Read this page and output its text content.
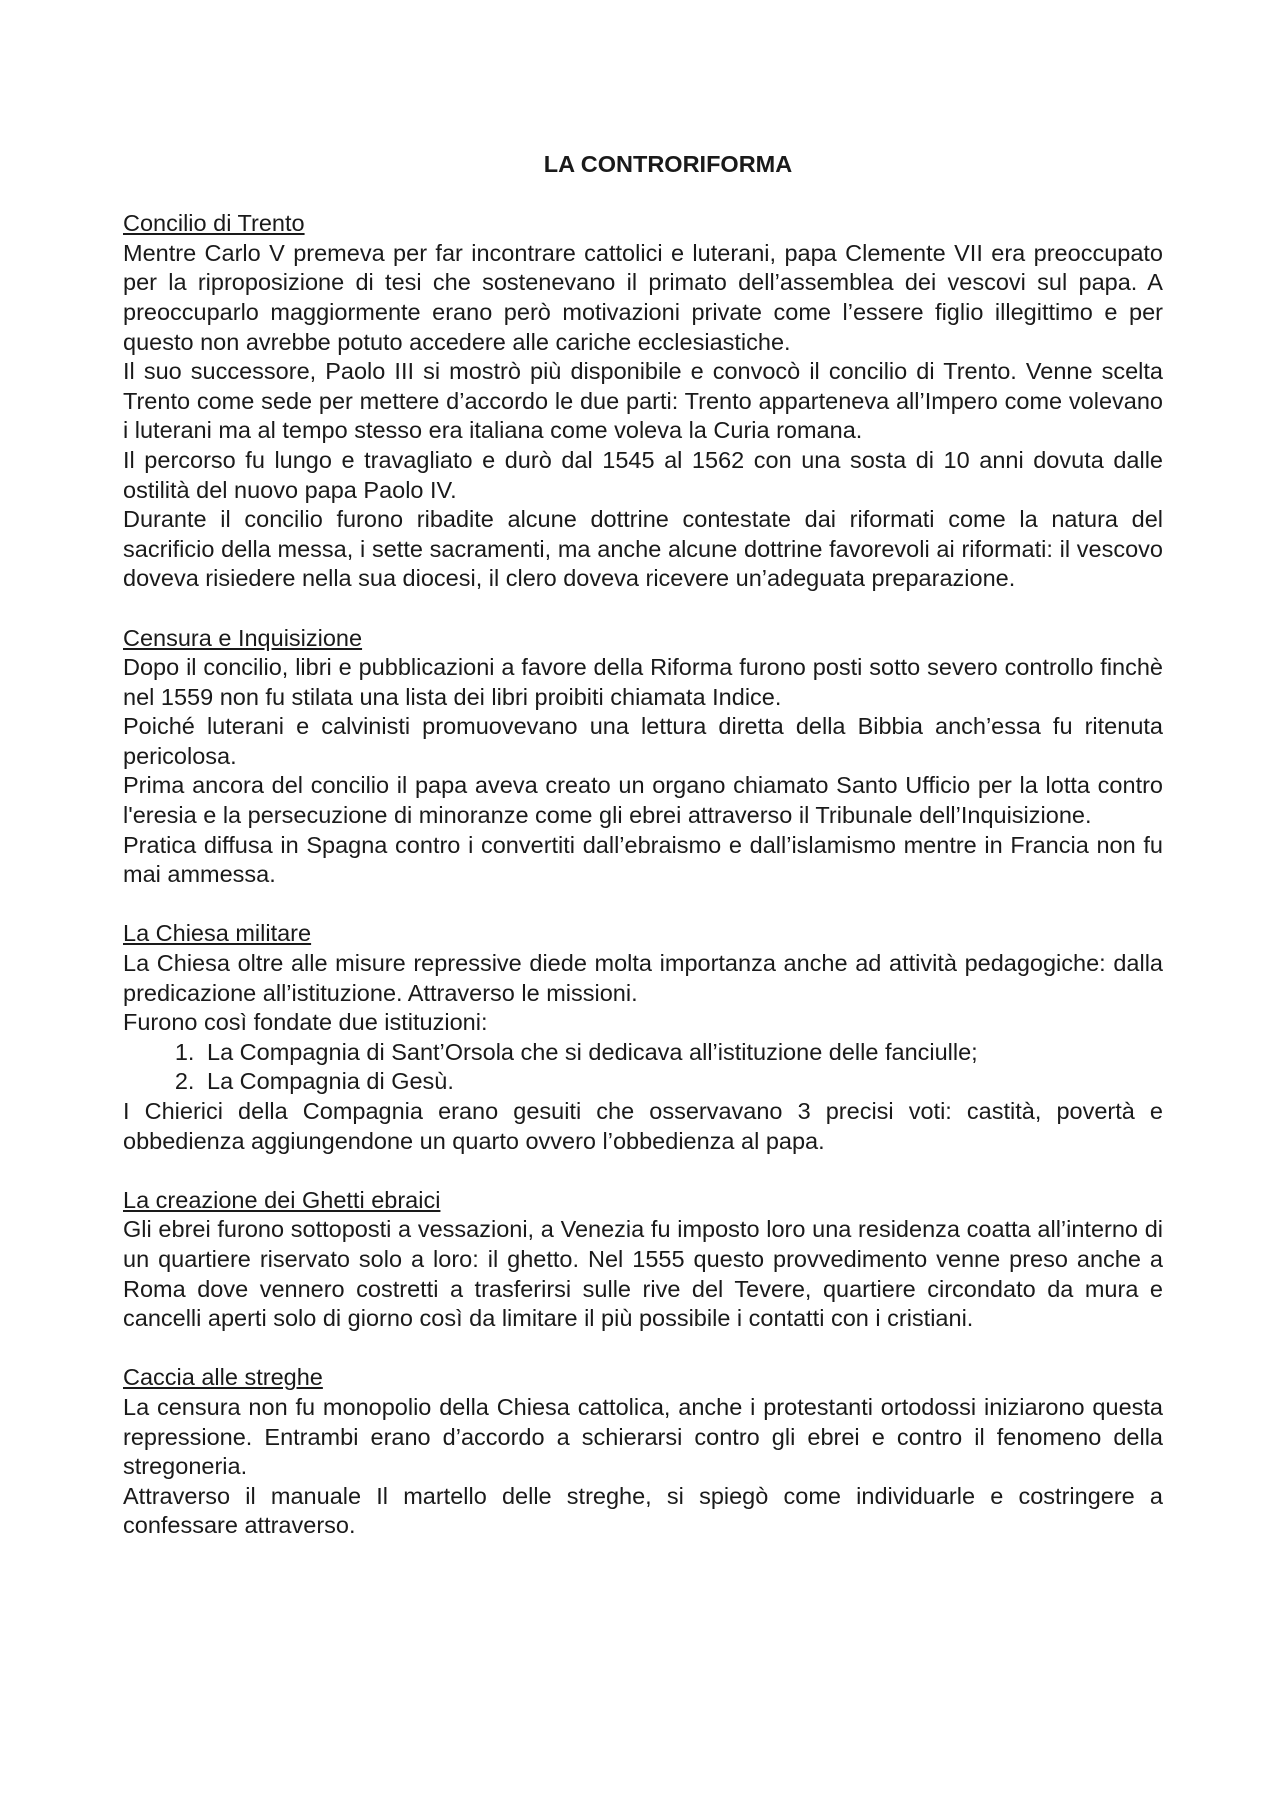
LA CONTRORIFORMA

Concilio di Trento

Mentre Carlo V premeva per far incontrare cattolici e luterani, papa Clemente VII era preoccupato per la riproposizione di tesi che sostenevano il primato dell’assemblea dei vescovi sul papa. A preoccuparlo maggiormente erano però motivazioni private come l’essere figlio illegittimo e per questo non avrebbe potuto accedere alle cariche ecclesiastiche.

Il suo successore, Paolo III si mostrò più disponibile e convocò il concilio di Trento. Venne scelta Trento come sede per mettere d’accordo le due parti: Trento apparteneva all’Impero come volevano i luterani ma al tempo stesso era italiana come voleva la Curia romana.

Il percorso fu lungo e travagliato e durò dal 1545 al 1562 con una sosta di 10 anni dovuta dalle ostilità del nuovo papa Paolo IV.

Durante il concilio furono ribadite alcune dottrine contestate dai riformati come la natura del sacrificio della messa, i sette sacramenti, ma anche alcune dottrine favorevoli ai riformati: il vescovo doveva risiedere nella sua diocesi, il clero doveva ricevere un’adeguata preparazione.

Censura e Inquisizione

Dopo il concilio, libri e pubblicazioni a favore della Riforma furono posti sotto severo controllo finchè nel 1559 non fu stilata una lista dei libri proibiti chiamata Indice.

Poiché luterani e calvinisti promuovevano una lettura diretta della Bibbia anch’essa fu ritenuta pericolosa.

Prima ancora del concilio il papa aveva creato un organo chiamato Santo Ufficio per la lotta contro l'eresia e la persecuzione di minoranze come gli ebrei attraverso il Tribunale dell’Inquisizione.

Pratica diffusa in Spagna contro i convertiti dall’ebraismo e dall’islamismo mentre in Francia non fu mai ammessa.

La Chiesa militare

La Chiesa oltre alle misure repressive diede molta importanza anche ad attività pedagogiche: dalla predicazione all’istituzione. Attraverso le missioni.

Furono così fondate due istituzioni:

1. La Compagnia di Sant’Orsola che si dedicava all’istituzione delle fanciulle;
2. La Compagnia di Gesù.

I Chierici della Compagnia erano gesuiti che osservavano 3 precisi voti: castità, povertà e obbedienza aggiungendone un quarto ovvero l’obbedienza al papa.

La creazione dei Ghetti ebraici

Gli ebrei furono sottoposti a vessazioni, a Venezia fu imposto loro una residenza coatta all’interno di un quartiere riservato solo a loro: il ghetto. Nel 1555 questo provvedimento venne preso anche a Roma dove vennero costretti a trasferirsi sulle rive del Tevere, quartiere circondato da mura e cancelli aperti solo di giorno così da limitare il più possibile i contatti con i cristiani.

Caccia alle streghe

La censura non fu monopolio della Chiesa cattolica, anche i protestanti ortodossi iniziarono questa repressione. Entrambi erano d’accordo a schierarsi contro gli ebrei e contro il fenomeno della stregoneria.

Attraverso il manuale Il martello delle streghe, si spiegò come individuarle e costringere a confessare attraverso.
